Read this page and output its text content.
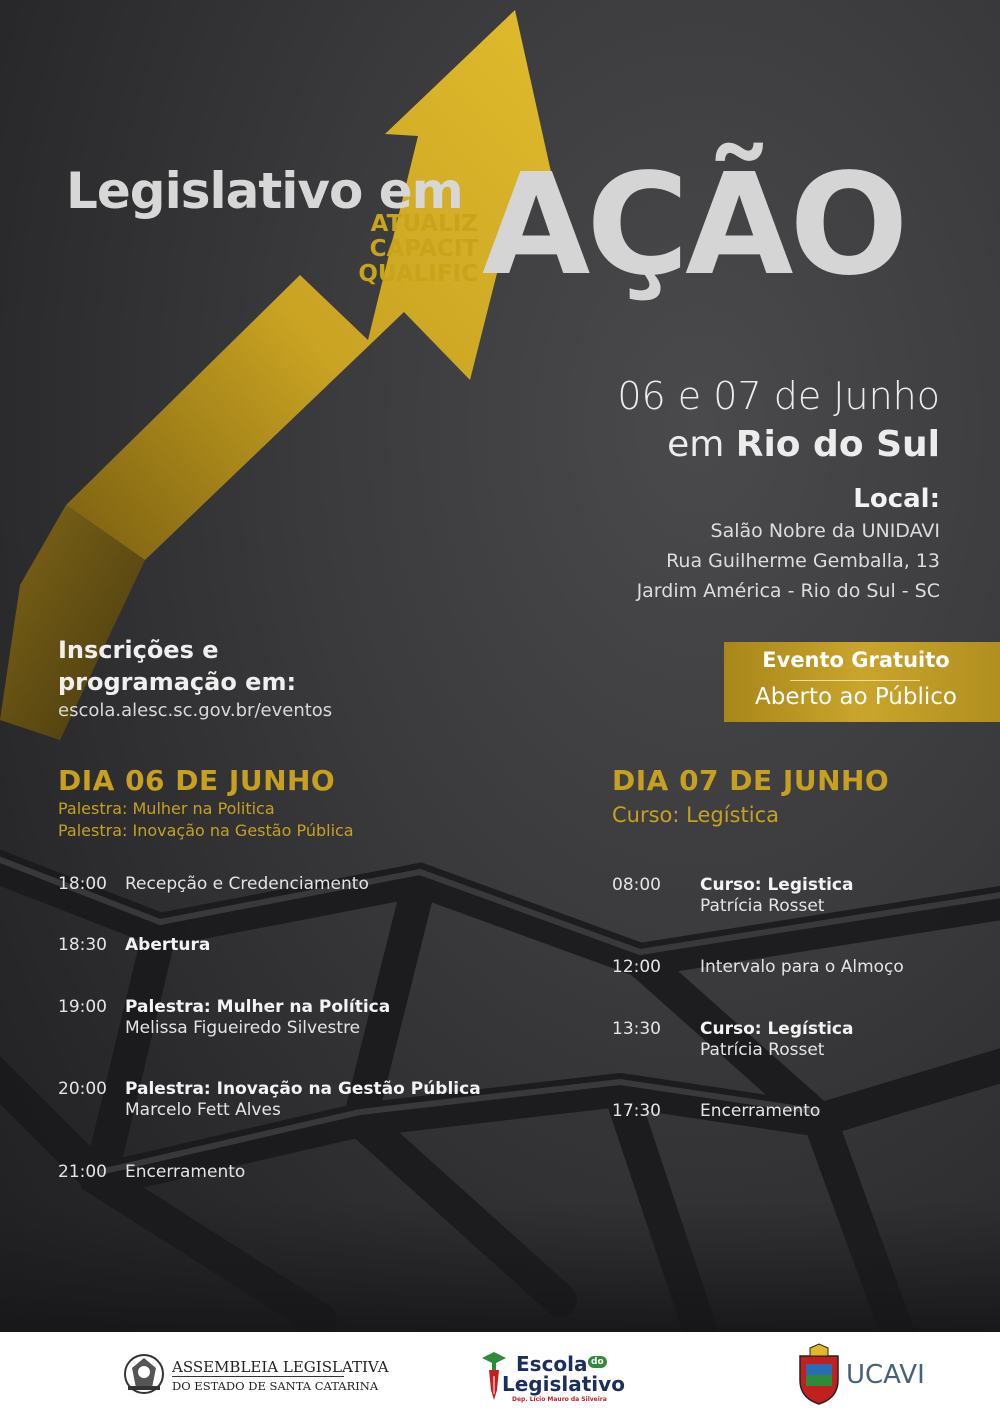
Legislativo em AÇÃO
ATUALIZ
CAPACIT
QUALIFIC
06 e 07 de Junho
em Rio do Sul
Local:
Salão Nobre da UNIDAVI
Rua Guilherme Gemballa, 13
Jardim América - Rio do Sul - SC
Evento Gratuito
Aberto ao Público
Inscrições e
programação em:
escola.alesc.sc.gov.br/eventos
DIA 06 DE JUNHO
Palestra: Mulher na Politica
Palestra: Inovação na Gestão Pública
18:00 Recepção e Credenciamento
18:30 Abertura
19:00 Palestra: Mulher na Política
Melissa Figueiredo Silvestre
20:00 Palestra: Inovação na Gestão Pública
Marcelo Fett Alves
21:00 Encerramento
DIA 07 DE JUNHO
Curso: Legística
08:00 Curso: Legistica
Patrícia Rosset
12:00 Intervalo para o Almoço
13:30 Curso: Legística
Patrícia Rosset
17:30 Encerramento
ASSEMBLEIA LEGISLATIVA
DO ESTADO DE SANTA CATARINA
Escola do
Legislativo
Dep. Lício Mauro da Silveira
UCAVI
